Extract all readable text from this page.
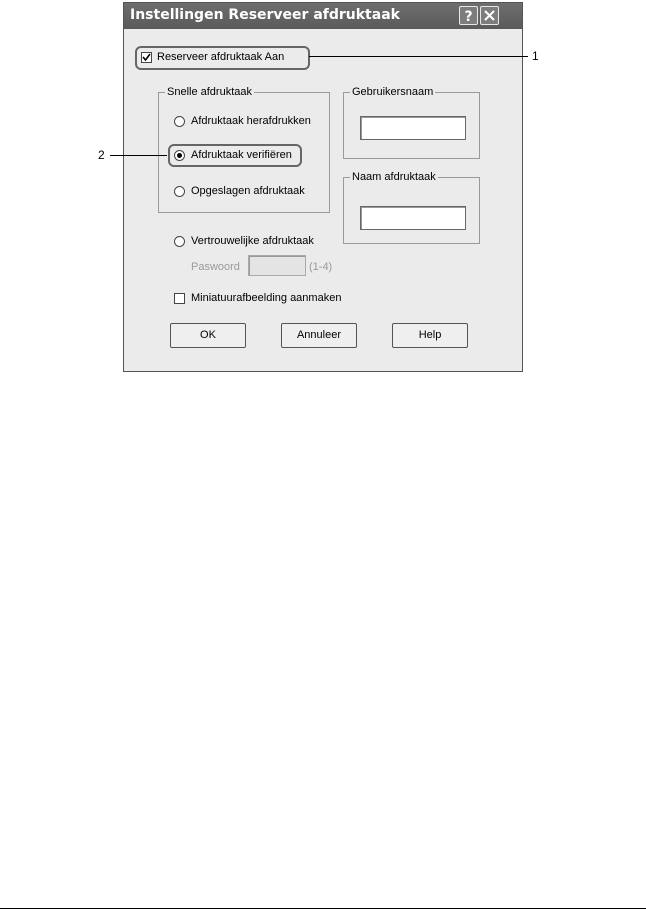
Instellingen Reserveer afdruktaak	?
Reserveer afdruktaak Aan
Snelle afdruktaak
Afdruktaak herafdrukken
Afdruktaak verifiëren
Opgeslagen afdruktaak
Gebruikersnaam
Naam afdruktaak
Vertrouwelijke afdruktaak
Paswoord	(1-4)
Miniatuurafbeelding aanmaken
OK	Annuleer	Help
1
2
